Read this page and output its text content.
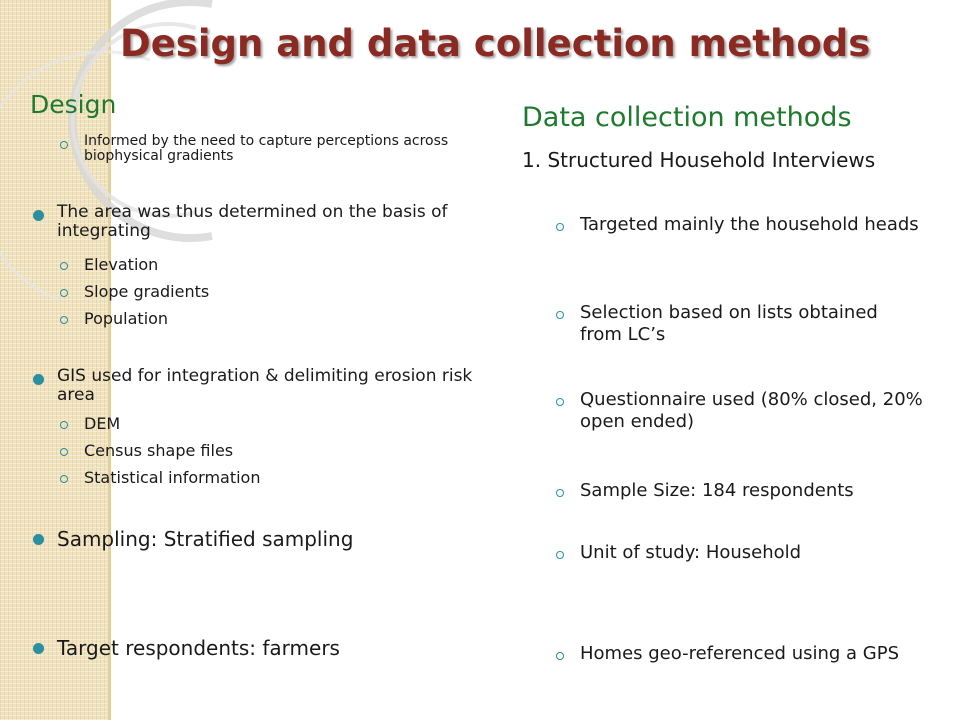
Design and data collection methods
Design

Informed by the need to capture perceptions across biophysical gradients

The area was thus determined on the basis of integrating

Elevation

Slope gradients

Population

GIS used for integration & delimiting erosion risk area

DEM

Census shape files

Statistical information

Sampling: Stratified sampling

Target respondents: farmers

Data collection methods

1. Structured Household Interviews

Targeted mainly the household heads

Selection based on lists obtained from LC’s

Questionnaire used (80% closed, 20% open ended)

Sample Size: 184 respondents

Unit of study: Household

Homes geo-referenced using a GPS
